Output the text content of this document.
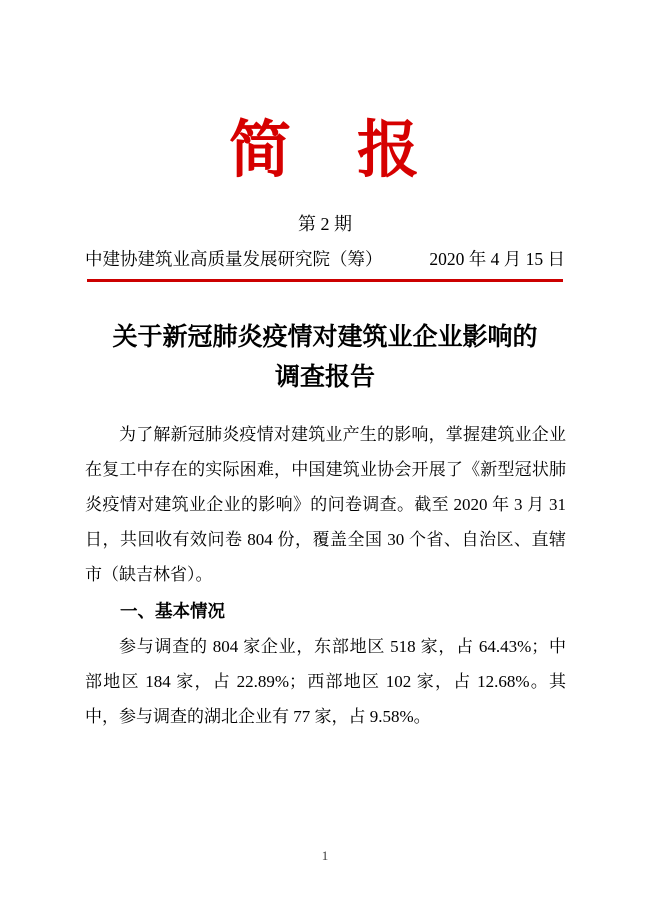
简　报
第 2 期
中建协建筑业高质量发展研究院（筹）	2020 年 4 月 15 日
关于新冠肺炎疫情对建筑业企业影响的
调查报告

为了解新冠肺炎疫情对建筑业产生的影响，掌握建筑业企业在复工中存在的实际困难，中国建筑业协会开展了《新型冠状肺炎疫情对建筑业企业的影响》的问卷调查。截至 2020 年 3 月 31 日，共回收有效问卷 804 份，覆盖全国 30 个省、自治区、直辖市（缺吉林省）。

一、基本情况

参与调查的 804 家企业，东部地区 518 家，占 64.43%；中部地区 184 家，占 22.89%；西部地区 102 家，占 12.68%。其中，参与调查的湖北企业有 77 家，占 9.58%。

1
